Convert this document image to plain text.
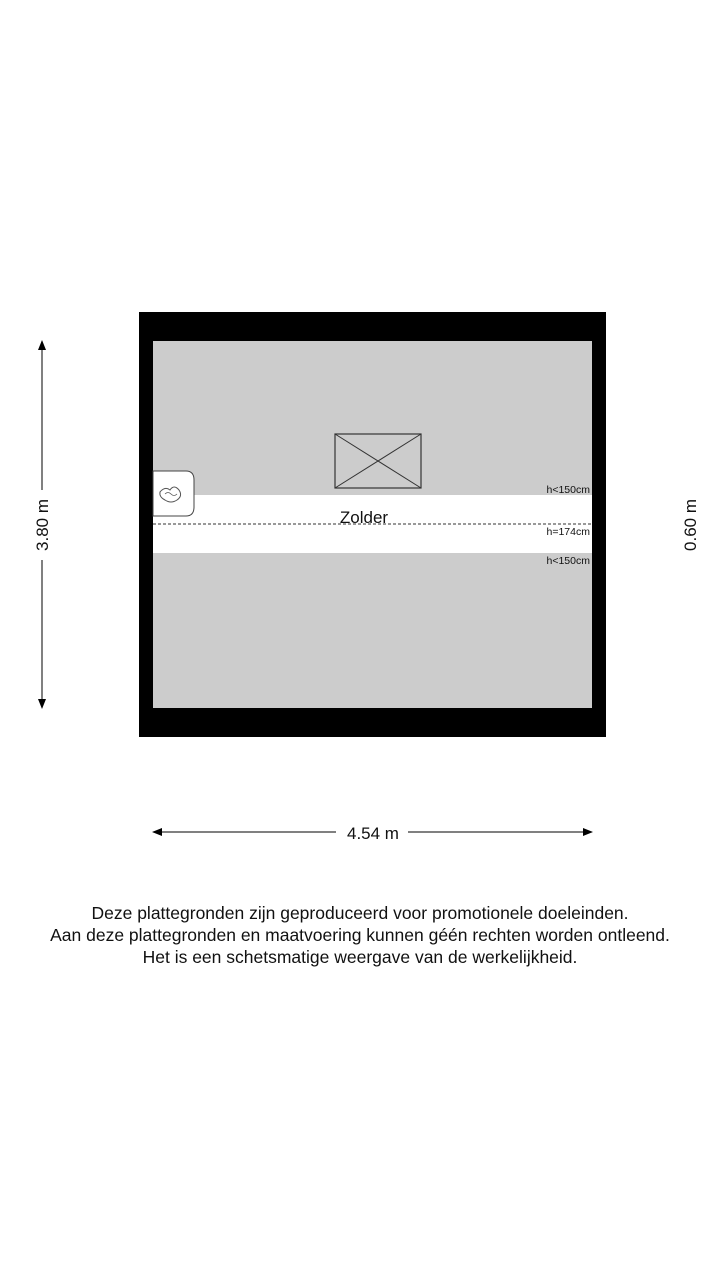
Zolder
h<150cm
h=174cm
h<150cm
3.80 m	0.60 m
4.54 m
Deze plattegronden zijn geproduceerd voor promotionele doeleinden.
Aan deze plattegronden en maatvoering kunnen géén rechten worden ontleend.
Het is een schetsmatige weergave van de werkelijkheid.
